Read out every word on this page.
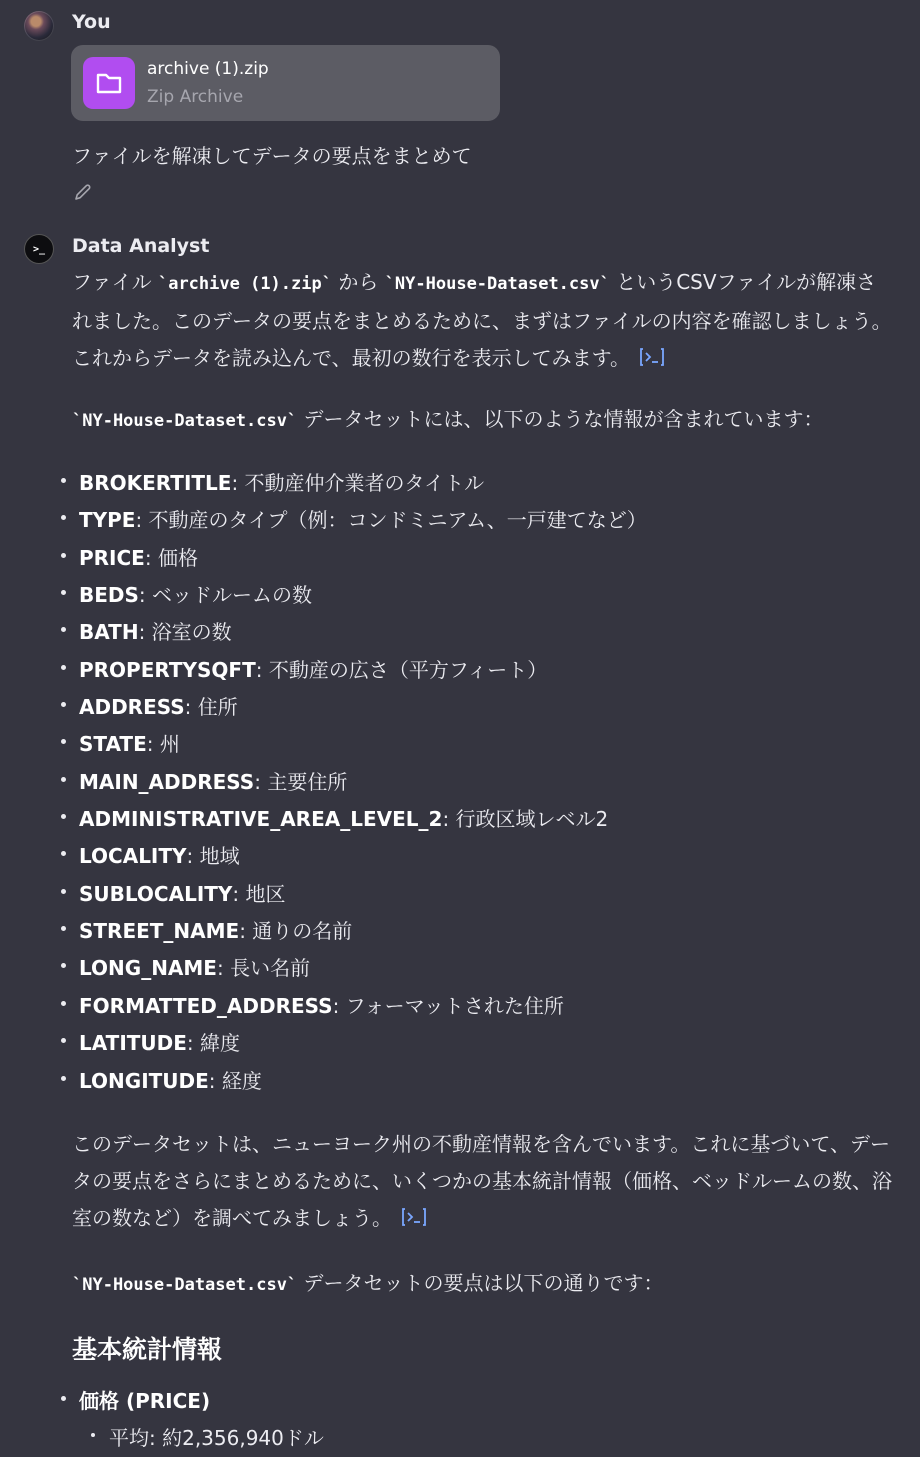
You
archive (1).zip
Zip Archive
ファイルを解凍してデータの要点をまとめて
>_	Data Analyst
ファイル `archive (1).zip` から `NY-House-Dataset.csv` というCSVファイルが解凍されました。このデータの要点をまとめるために、まずはファイルの内容を確認しましょう。これからデータを読み込んで、最初の数行を表示してみます。
`NY-House-Dataset.csv` データセットには、以下のような情報が含まれています：
BROKERTITLE: 不動産仲介業者のタイトル
TYPE: 不動産のタイプ（例：コンドミニアム、一戸建てなど）
PRICE: 価格
BEDS: ベッドルームの数
BATH: 浴室の数
PROPERTYSQFT: 不動産の広さ（平方フィート）
ADDRESS: 住所
STATE: 州
MAIN_ADDRESS: 主要住所
ADMINISTRATIVE_AREA_LEVEL_2: 行政区域レベル2
LOCALITY: 地域
SUBLOCALITY: 地区
STREET_NAME: 通りの名前
LONG_NAME: 長い名前
FORMATTED_ADDRESS: フォーマットされた住所
LATITUDE: 緯度
LONGITUDE: 経度
このデータセットは、ニューヨーク州の不動産情報を含んでいます。これに基づいて、データの要点をさらにまとめるために、いくつかの基本統計情報（価格、ベッドルームの数、浴室の数など）を調べてみましょう。
`NY-House-Dataset.csv` データセットの要点は以下の通りです：
基本統計情報
価格 (PRICE)
平均: 約2,356,940ドル
